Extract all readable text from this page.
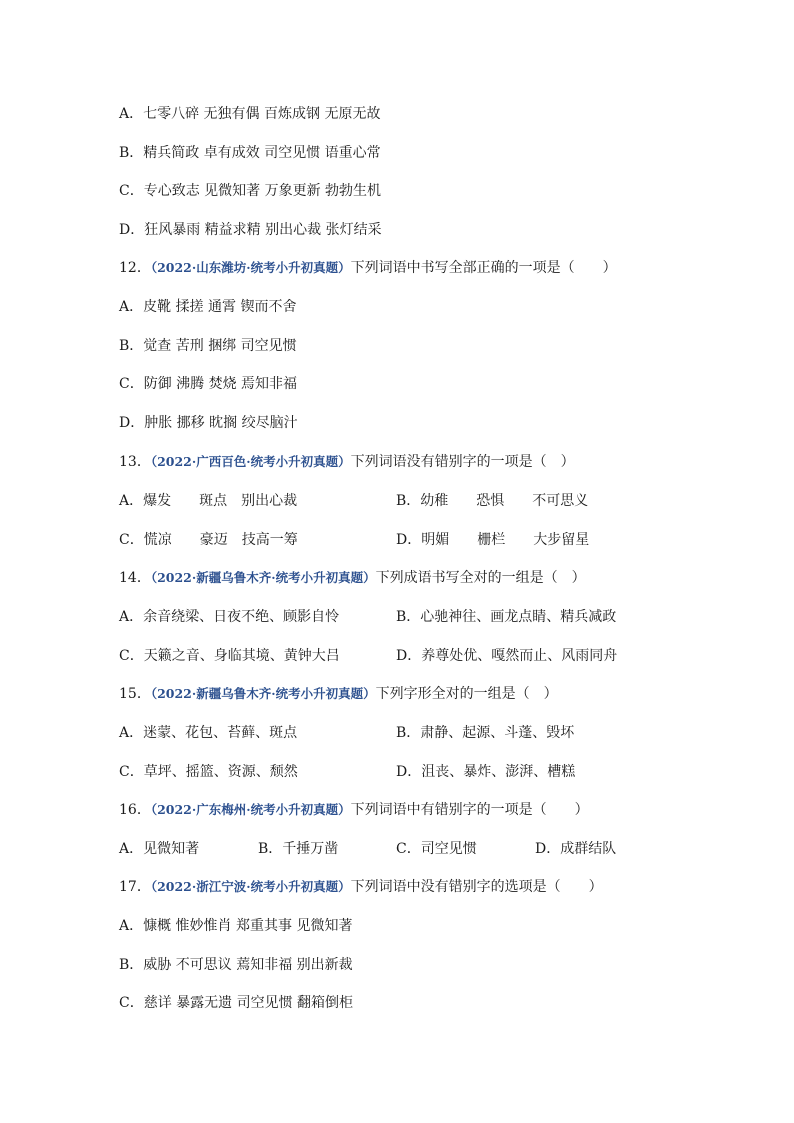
A．七零八碎 无独有偶 百炼成钢 无原无故
B．精兵简政 卓有成效 司空见惯 语重心常
C．专心致志 见微知著 万象更新 勃勃生机
D．狂风暴雨 精益求精 别出心裁 张灯结采
12．（2022·山东潍坊·统考小升初真题）下列词语中书写全部正确的一项是（　　）
A．皮靴 揉搓 通霄 锲而不舍
B．觉查 苦刑 捆绑 司空见惯
C．防御 沸腾 焚烧 焉知非福
D．肿胀 挪移 眈搁 绞尽脑汁
13．（2022·广西百色·统考小升初真题）下列词语没有错别字的一项是（　）
A．爆发　　斑点　别出心裁	B．幼稚　　恐惧　　不可思义
C．慌凉　　豪迈　技高一筹	D．明媚　　栅栏　　大步留星
14．（2022·新疆乌鲁木齐·统考小升初真题）下列成语书写全对的一组是（　）
A．余音绕梁、日夜不绝、顾影自怜	B．心驰神往、画龙点睛、精兵减政
C．天籁之音、身临其境、黄钟大吕	D．养尊处优、嘎然而止、风雨同舟
15．（2022·新疆乌鲁木齐·统考小升初真题）下列字形全对的一组是（　）
A．迷蒙、花包、苔藓、斑点	B．肃静、起源、斗蓬、毁坏
C．草坪、摇篮、资源、颓然	D．沮丧、暴炸、澎湃、槽糕
16．（2022·广东梅州·统考小升初真题）下列词语中有错别字的一项是（　　）
A．见微知著	B．千捶万凿	C．司空见惯	D．成群结队
17．（2022·浙江宁波·统考小升初真题）下列词语中没有错别字的选项是（　　）
A．慷概 惟妙惟肖 郑重其事 见微知著
B．威胁 不可思议 蔫知非福 别出新裁
C．慈详 暴露无遗 司空见惯 翻箱倒柜
